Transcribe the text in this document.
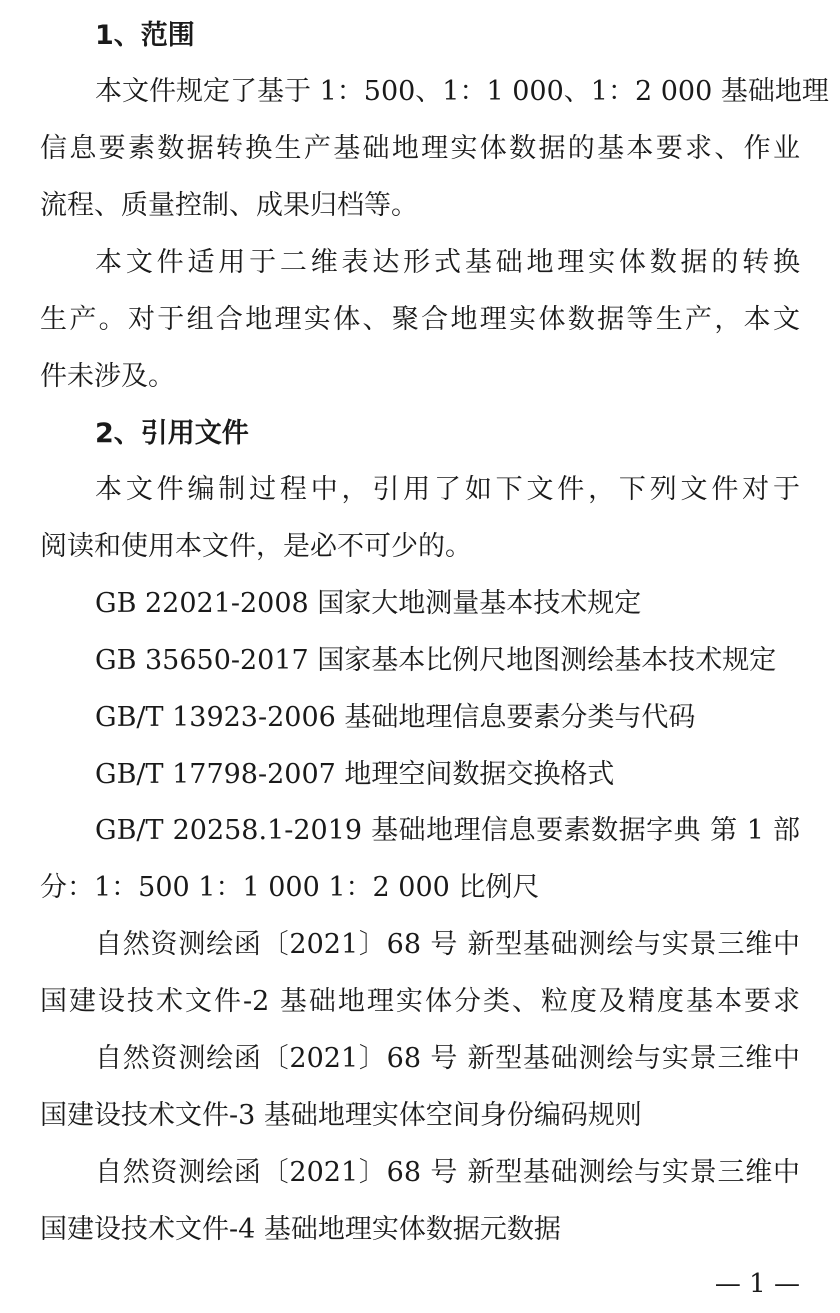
1、范围
本文件规定了基于 1：500、1：1 000、1：2 000 基础地理
信息要素数据转换生产基础地理实体数据的基本要求、作业
流程、质量控制、成果归档等。
本文件适用于二维表达形式基础地理实体数据的转换
生产。对于组合地理实体、聚合地理实体数据等生产，本文
件未涉及。
2、引用文件
本文件编制过程中，引用了如下文件，下列文件对于
阅读和使用本文件，是必不可少的。
GB 22021-2008 国家大地测量基本技术规定
GB 35650-2017 国家基本比例尺地图测绘基本技术规定
GB/T 13923-2006 基础地理信息要素分类与代码
GB/T 17798-2007 地理空间数据交换格式
GB/T 20258.1-2019 基础地理信息要素数据字典 第 1 部
分：1：500 1：1 000 1：2 000 比例尺
自然资测绘函〔2021〕68 号 新型基础测绘与实景三维中
国建设技术文件-2 基础地理实体分类、粒度及精度基本要求
自然资测绘函〔2021〕68 号 新型基础测绘与实景三维中
国建设技术文件-3 基础地理实体空间身份编码规则
自然资测绘函〔2021〕68 号 新型基础测绘与实景三维中
国建设技术文件-4 基础地理实体数据元数据
— 1 —
